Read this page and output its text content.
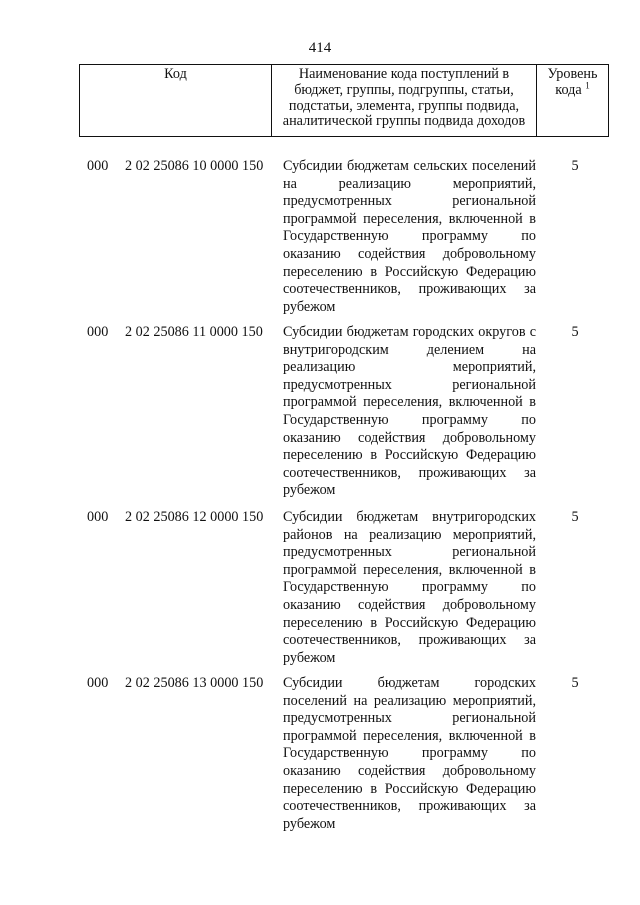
414
Код	Наименование кода поступлений в бюджет, группы, подгруппы, статьи, подстатьи, элемента, группы подвида, аналитической группы подвида доходов
Уровень кода $^1$
000 2 02 25086 10 0000 150 Субсидии бюджетам сельских поселений на реализацию мероприятий, предусмотренных региональной программой переселения, включенной в Государственную программу по оказанию содействия добровольному переселению в Российскую Федерацию соотечественников, проживающих за рубежом
5
000 2 02 25086 11 0000 150 Субсидии бюджетам городских округов с внутригородским делением на реализацию мероприятий, предусмотренных региональной программой переселения, включенной в Государственную программу по оказанию содействия добровольному переселению в Российскую Федерацию соотечественников, проживающих за рубежом
5
000 2 02 25086 12 0000 150 Субсидии бюджетам внутригородских районов на реализацию мероприятий, предусмотренных региональной программой переселения, включенной в Государственную программу по оказанию содействия добровольному переселению в Российскую Федерацию соотечественников, проживающих за рубежом
5
000 2 02 25086 13 0000 150 Субсидии бюджетам городских поселений на реализацию мероприятий, предусмотренных региональной программой переселения, включенной в Государственную программу по оказанию содействия добровольному переселению в Российскую Федерацию соотечественников, проживающих за рубежом
5
